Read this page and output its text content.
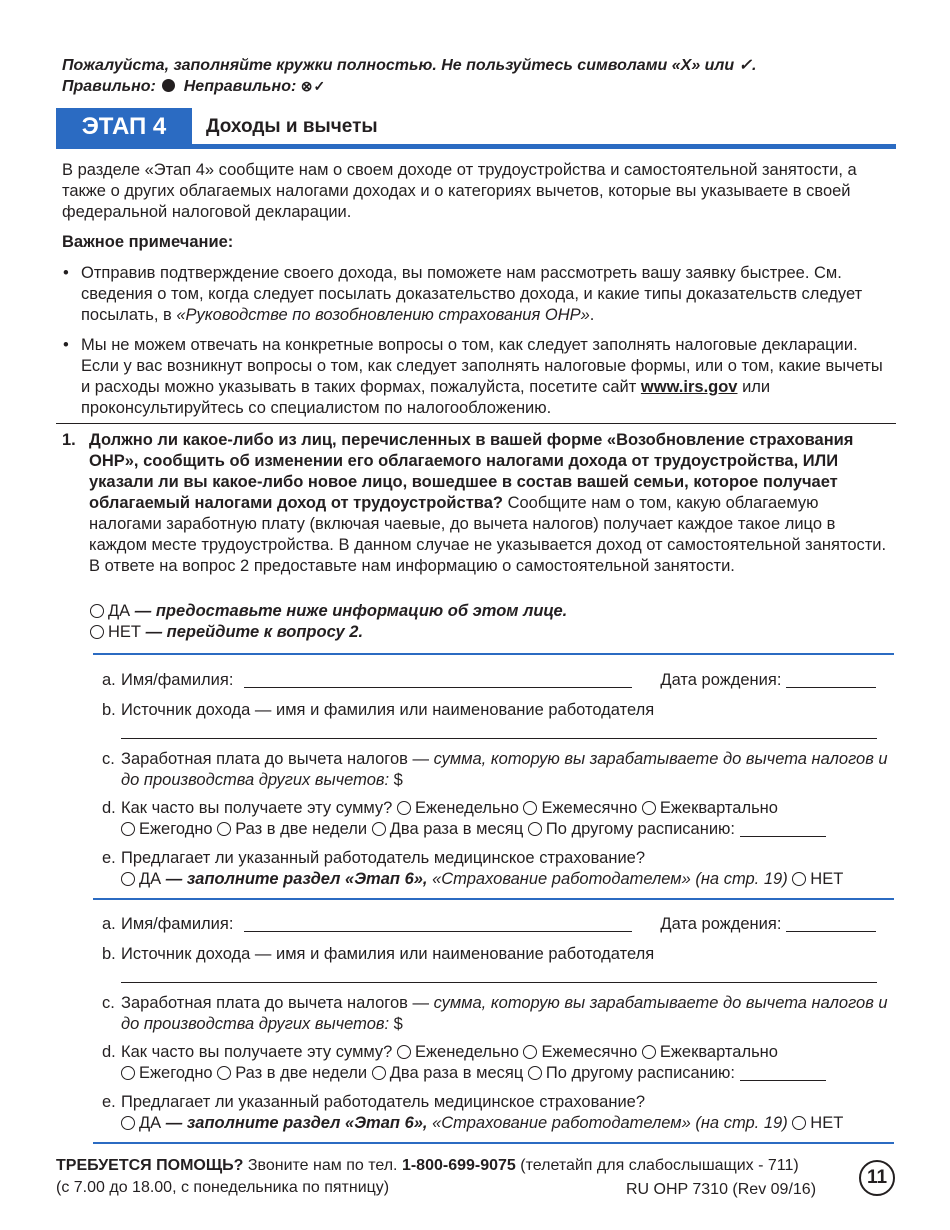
Пожалуйста, заполняйте кружки полностью. Не пользуйтесь символами «X» или ✓.
Правильно: Неправильно: ⊗✓
ЭТАП 4	Доходы и вычеты
В разделе «Этап 4» сообщите нам о своем доходе от трудоустройства и самостоятельной занятости, а также о других облагаемых налогами доходах и о категориях вычетов, которые вы указываете в своей федеральной налоговой декларации.
Важное примечание:
• Отправив подтверждение своего дохода, вы поможете нам рассмотреть вашу заявку быстрее. См. сведения о том, когда следует посылать доказательство дохода, и какие типы доказательств следует посылать, в «Руководстве по возобновлению страхования OHP».
• Мы не можем отвечать на конкретные вопросы о том, как следует заполнять налоговые декларации. Если у вас возникнут вопросы о том, как следует заполнять налоговые формы, или о том, какие вычеты и расходы можно указывать в таких формах, пожалуйста, посетите сайт www.irs.gov или проконсультируйтесь со специалистом по налогообложению.
1. Должно ли какое-либо из лиц, перечисленных в вашей форме «Возобновление страхования OHP», сообщить об изменении его облагаемого налогами дохода от трудоустройства, ИЛИ указали ли вы какое-либо новое лицо, вошедшее в состав вашей семьи, которое получает облагаемый налогами доход от трудоустройства? Сообщите нам о том, какую облагаемую налогами заработную плату (включая чаевые, до вычета налогов) получает каждое такое лицо в каждом месте трудоустройства. В данном случае не указывается доход от самостоятельной занятости. В ответе на вопрос 2 предоставьте нам информацию о самостоятельной занятости.
ДА — предоставьте ниже информацию об этом лице.
НЕТ — перейдите к вопросу 2.
a. Имя/фамилия:	Дата рождения:
b. Источник дохода — имя и фамилия или наименование работодателя
c. Заработная плата до вычета налогов — сумма, которую вы зарабатываете до вычета налогов и до производства других вычетов: $
d. Как часто вы получаете эту сумму? Еженедельно Ежемесячно Ежеквартально
Ежегодно Раз в две недели Два раза в месяц По другому расписанию:
e. Предлагает ли указанный работодатель медицинское страхование?
ДА — заполните раздел «Этап 6», «Страхование работодателем» (на стр. 19) НЕТ
a. Имя/фамилия:	Дата рождения:
b. Источник дохода — имя и фамилия или наименование работодателя
c. Заработная плата до вычета налогов — сумма, которую вы зарабатываете до вычета налогов и до производства других вычетов: $
d. Как часто вы получаете эту сумму? Еженедельно Ежемесячно Ежеквартально
Ежегодно Раз в две недели Два раза в месяц По другому расписанию:
e. Предлагает ли указанный работодатель медицинское страхование?
ДА — заполните раздел «Этап 6», «Страхование работодателем» (на стр. 19) НЕТ
ТРЕБУЕТСЯ ПОМОЩЬ? Звоните нам по тел. 1-800-699-9075 (телетайп для слабослышащих - 711)
(с 7.00 до 18.00, с понедельника по пятницу)	RU OHP 7310 (Rev 09/16)
11
